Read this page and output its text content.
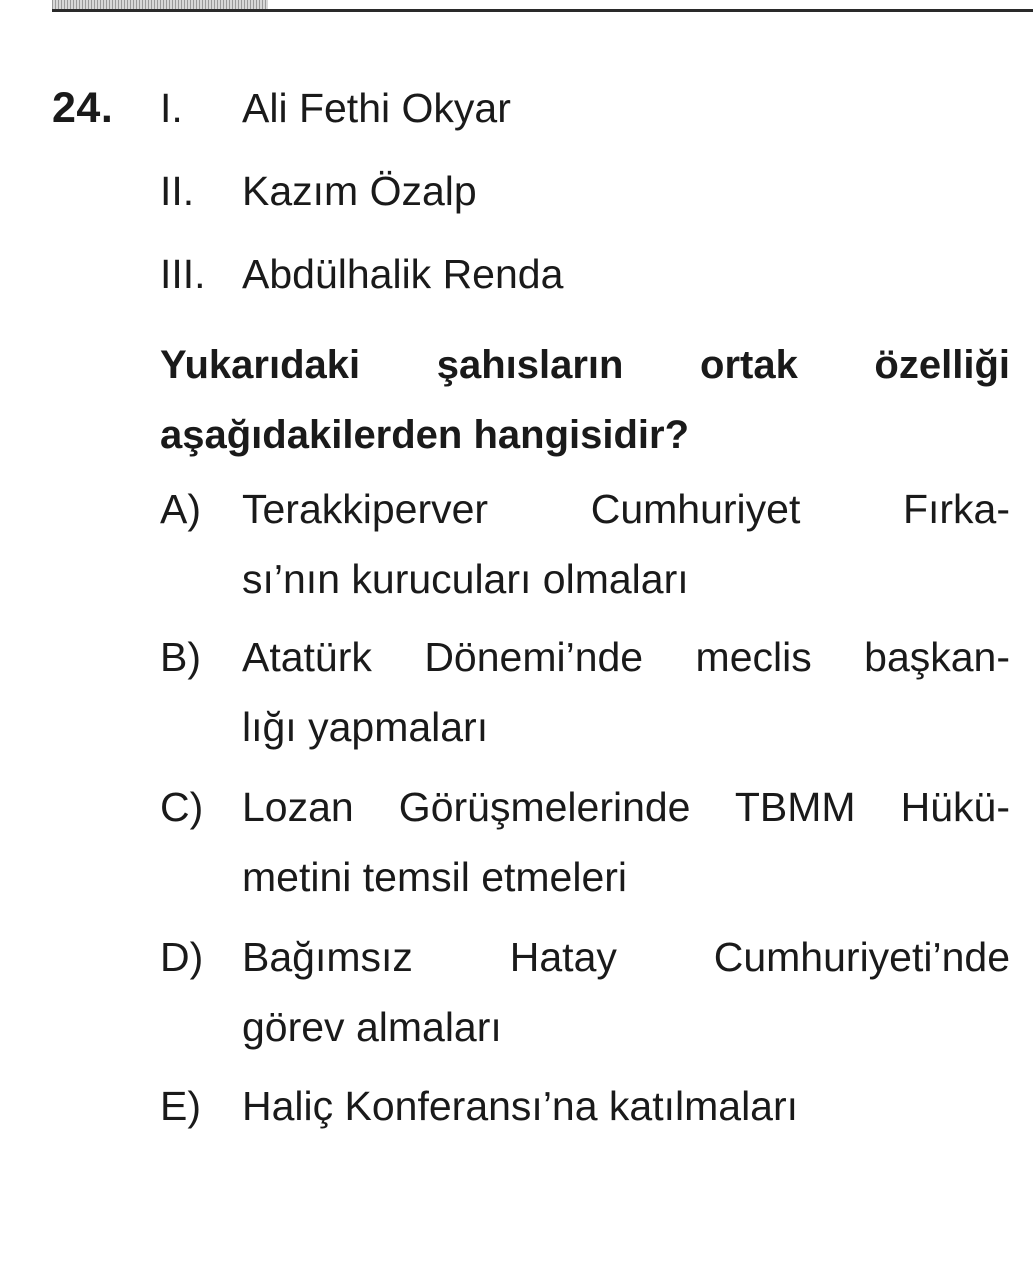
24. I. Ali Fethi Okyar
II. Kazım Özalp
III. Abdülhalik Renda
Yukarıdaki şahısların ortak özelliği
aşağıdakilerden hangisidir?
A) Terakkiperver Cumhuriyet Fırka-
sı’nın kurucuları olmaları
B) Atatürk Dönemi’nde meclis başkan-
lığı yapmaları
C) Lozan Görüşmelerinde TBMM Hükü-
metini temsil etmeleri
D) Bağımsız Hatay Cumhuriyeti’nde
görev almaları
E) Haliç Konferansı’na katılmaları
